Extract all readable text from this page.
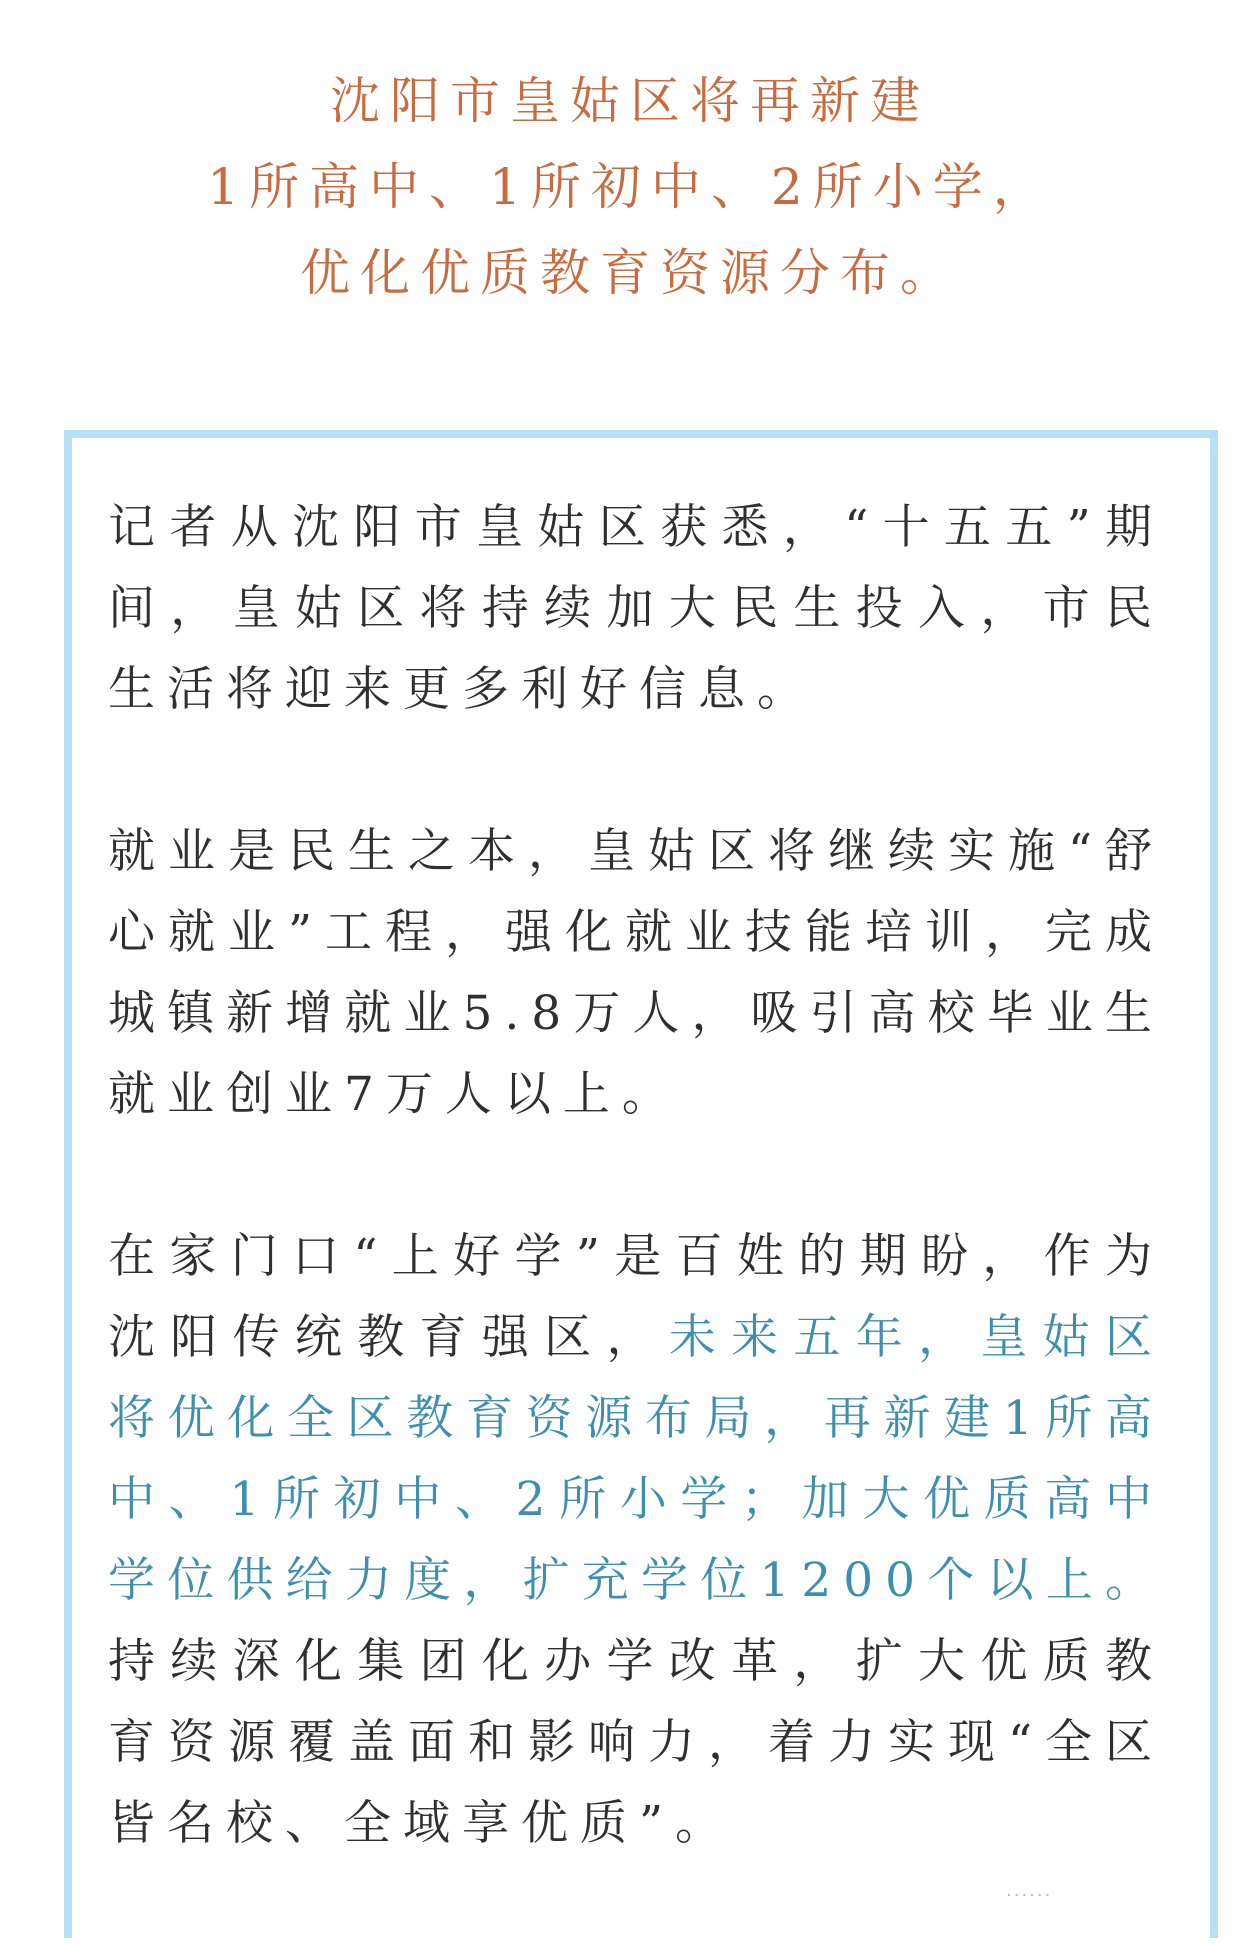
沈阳市皇姑区将再新建
1所高中、1所初中、2所小学，
优化优质教育资源分布。

记者从沈阳市皇姑区获悉，“十五五”期间，皇姑区将持续加大民生投入，市民生活将迎来更多利好信息。

就业是民生之本，皇姑区将继续实施“舒心就业”工程，强化就业技能培训，完成城镇新增就业5.8万人，吸引高校毕业生就业创业7万人以上。

在家门口“上好学”是百姓的期盼，作为沈阳传统教育强区，未来五年，皇姑区将优化全区教育资源布局，再新建1所高中、1所初中、2所小学；加大优质高中学位供给力度，扩充学位1200个以上。持续深化集团化办学改革，扩大优质教育资源覆盖面和影响力，着力实现“全区皆名校、全域享优质”。

......
